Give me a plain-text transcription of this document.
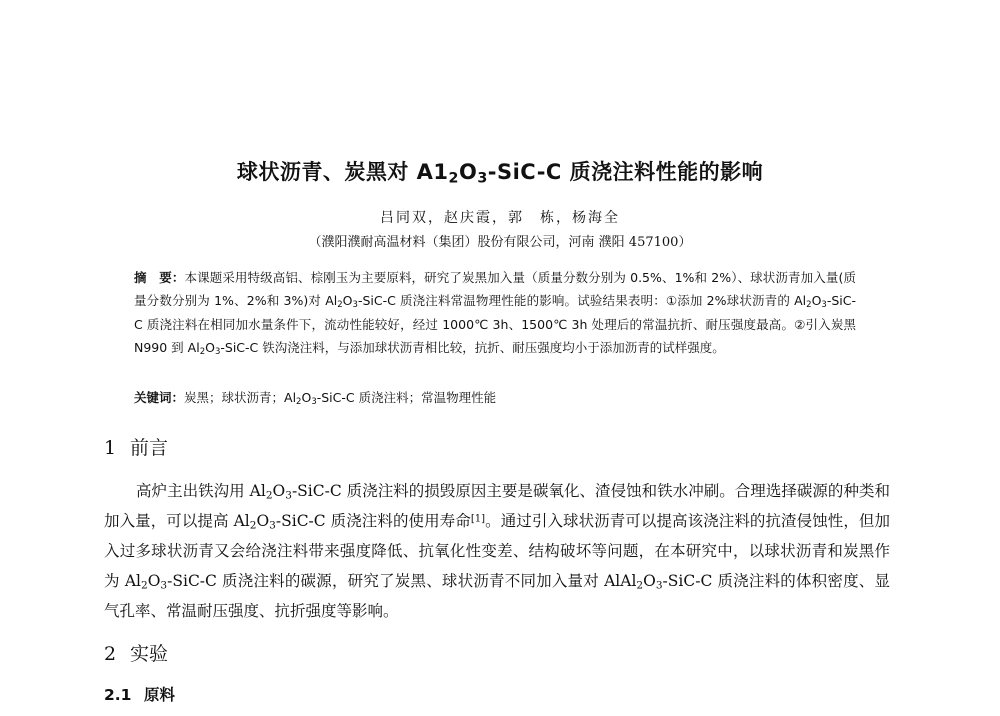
球状沥青、炭黑对 $A1_2O_3-SiC-C$ 质浇注料性能的影响
吕同双，赵庆霞，郭　栋，杨海全
（濮阳濮耐高温材料（集团）股份有限公司，河南 濮阳 457100）
摘　要：本课题采用特级高铝、棕刚玉为主要原料，研究了炭黑加入量（质量分数分别为 0.5%、1%和 2%）、球状沥青加入量(质量分数分别为 1%、2%和 3%)对 $Al_2O_3-SiC-C$ 质浇注料常温物理性能的影响。试验结果表明：①添加 2%球状沥青的 $Al_2O_3-SiC-C$ 质浇注料在相同加水量条件下，流动性能较好，经过 1000℃ 3h、1500℃ 3h 处理后的常温抗折、耐压强度最高。②引入炭黑 N990 到 $Al_2O_3-SiC-C$ 铁沟浇注料，与添加球状沥青相比较，抗折、耐压强度均小于添加沥青的试样强度。
关键词：炭黑；球状沥青；$Al_2O_3-SiC-C$ 质浇注料；常温物理性能
1 前言
高炉主出铁沟用 $Al_2O_3-SiC-C$ 质浇注料的损毁原因主要是碳氧化、渣侵蚀和铁水冲刷。合理选择碳源的种类和加入量，可以提高 $Al_2O_3-SiC-C$ 质浇注料的使用寿命[1]。通过引入球状沥青可以提高该浇注料的抗渣侵蚀性，但加入过多球状沥青又会给浇注料带来强度降低、抗氧化性变差、结构破坏等问题，在本研究中，以球状沥青和炭黑作为 $Al_2O_3-SiC-C$ 质浇注料的碳源，研究了炭黑、球状沥青不同加入量对 $AlAl_2O_3-SiC-C$ 质浇注料的体积密度、显气孔率、常温耐压强度、抗折强度等影响。
2 实验
2.1 原料
